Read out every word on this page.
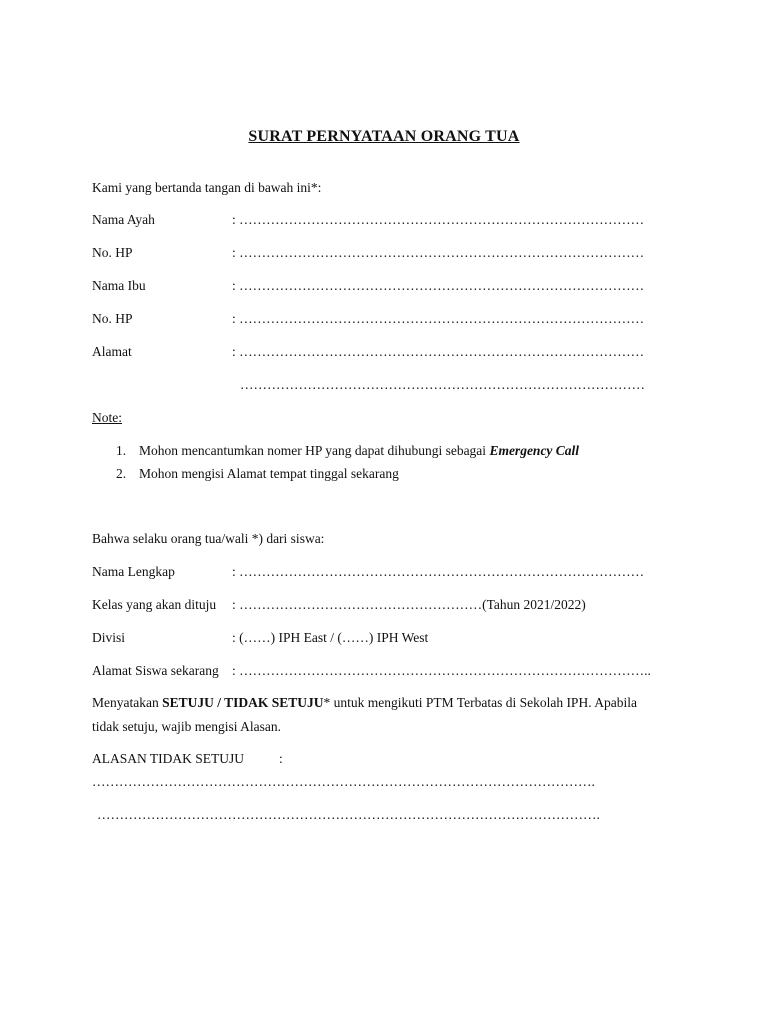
SURAT PERNYATAAN ORANG TUA
Kami yang bertanda tangan di bawah ini*:
Nama Ayah	: ………………………………………………………………………………
No. HP	: ………………………………………………………………………………
Nama Ibu	: ………………………………………………………………………………
No. HP	: ………………………………………………………………………………
Alamat	: ………………………………………………………………………………
………………………………………………………………………………
Note:
1. Mohon mencantumkan nomer HP yang dapat dihubungi sebagai Emergency Call
2. Mohon mengisi Alamat tempat tinggal sekarang
Bahwa selaku orang tua/wali *) dari siswa:
Nama Lengkap	: ………………………………………………………………………………
Kelas yang akan dituju : ………………………………………………(Tahun 2021/2022)
Divisi	: (……) IPH East / (……) IPH West
Alamat Siswa sekarang : ………………………………………………………………………………..
Menyatakan SETUJU / TIDAK SETUJU* untuk mengikuti PTM Terbatas di Sekolah IPH. Apabila
tidak setuju, wajib mengisi Alasan.
ALASAN TIDAK SETUJU	:
………………………………………………………………………………………………….
………………………………………………………………………………………………….
